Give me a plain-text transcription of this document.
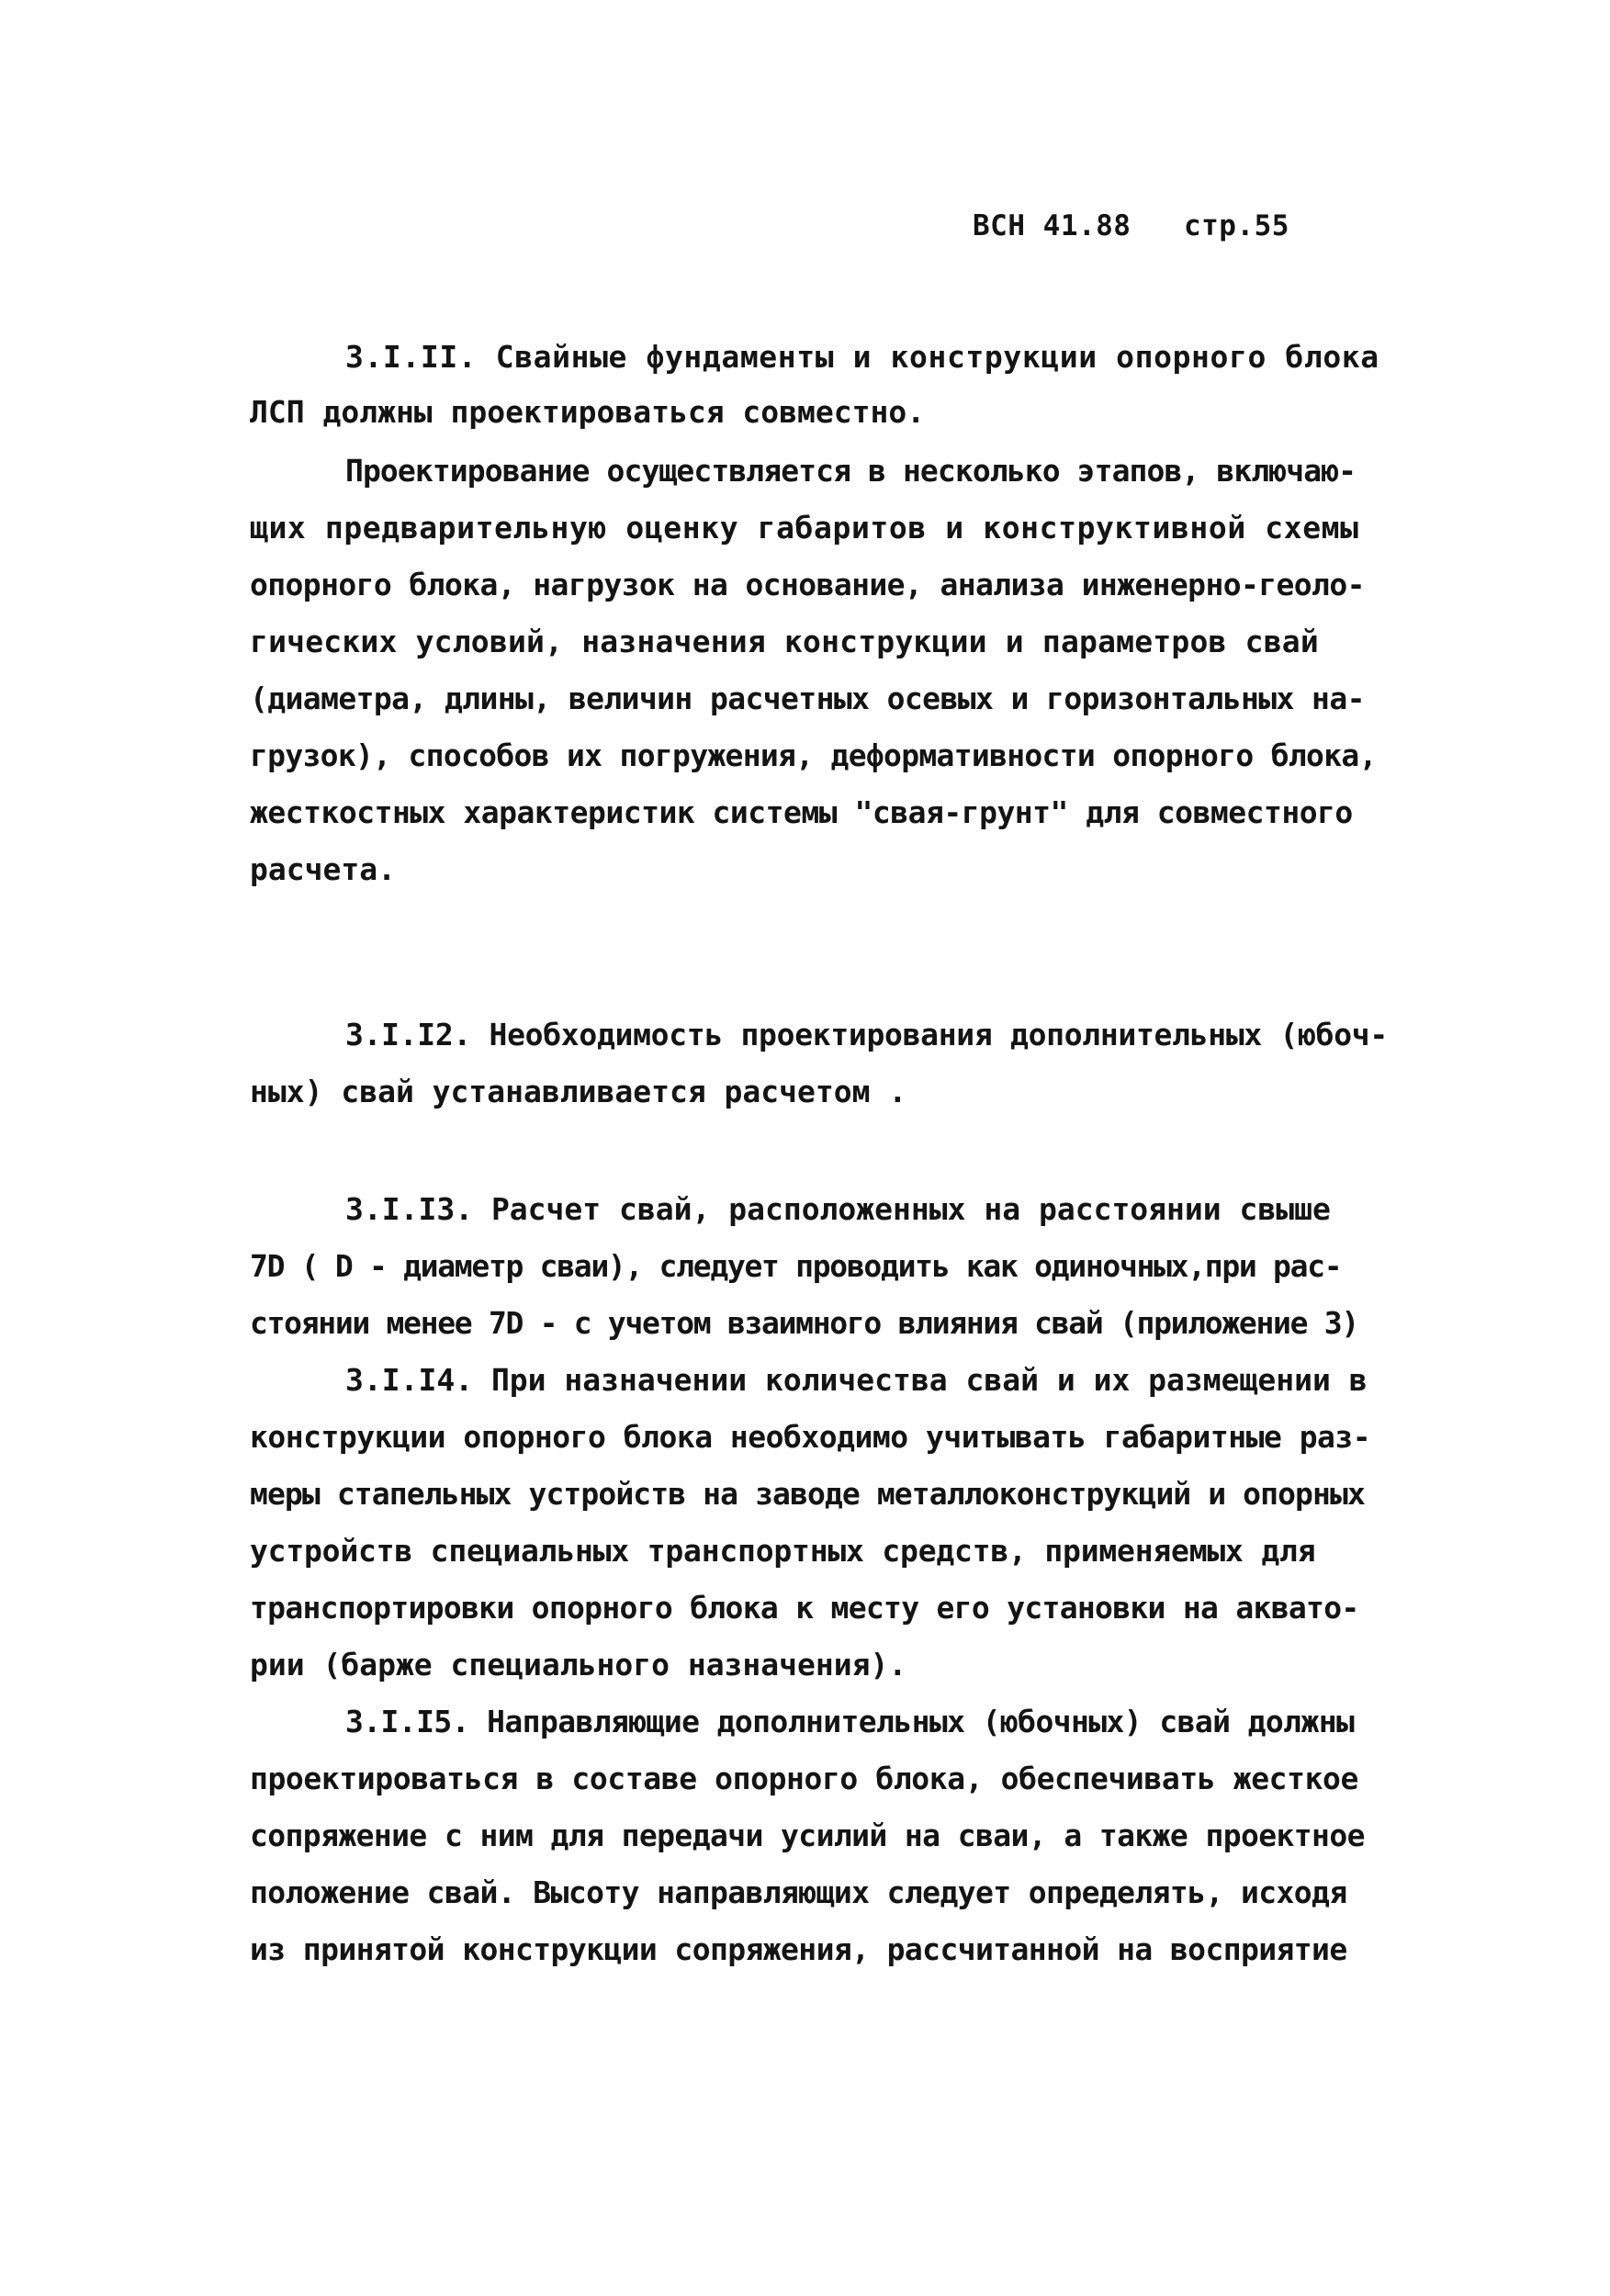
ВСН 41.88 стр.55
3.I.II. Свайные фундаменты и конструкции опорного блока
ЛСП должны проектироваться совместно.
Проектирование осуществляется в несколько этапов, включаю-
щих предварительную оценку габаритов и конструктивной схемы
опорного блока, нагрузок на основание, анализа инженерно-геоло-
гических условий, назначения конструкции и параметров свай
(диаметра, длины, величин расчетных осевых и горизонтальных на-
грузок), способов их погружения, деформативности опорного блока,
жесткостных характеристик системы "свая-грунт" для совместного
расчета.
3.I.I2. Необходимость проектирования дополнительных (юбоч-
ных) свай устанавливается расчетом .
3.I.I3. Расчет свай, расположенных на расстоянии свыше
7D ( D - диаметр сваи), следует проводить как одиночных,при рас-
стоянии менее 7D - с учетом взаимного влияния свай (приложение 3)
3.I.I4. При назначении количества свай и их размещении в
конструкции опорного блока необходимо учитывать габаритные раз-
меры стапельных устройств на заводе металлоконструкций и опорных
устройств специальных транспортных средств, применяемых для
транспортировки опорного блока к месту его установки на аквато-
рии (барже специального назначения).
3.I.I5. Направляющие дополнительных (юбочных) свай должны
проектироваться в составе опорного блока, обеспечивать жесткое
сопряжение с ним для передачи усилий на сваи, а также проектное
положение свай. Высоту направляющих следует определять, исходя
из принятой конструкции сопряжения, рассчитанной на восприятие
